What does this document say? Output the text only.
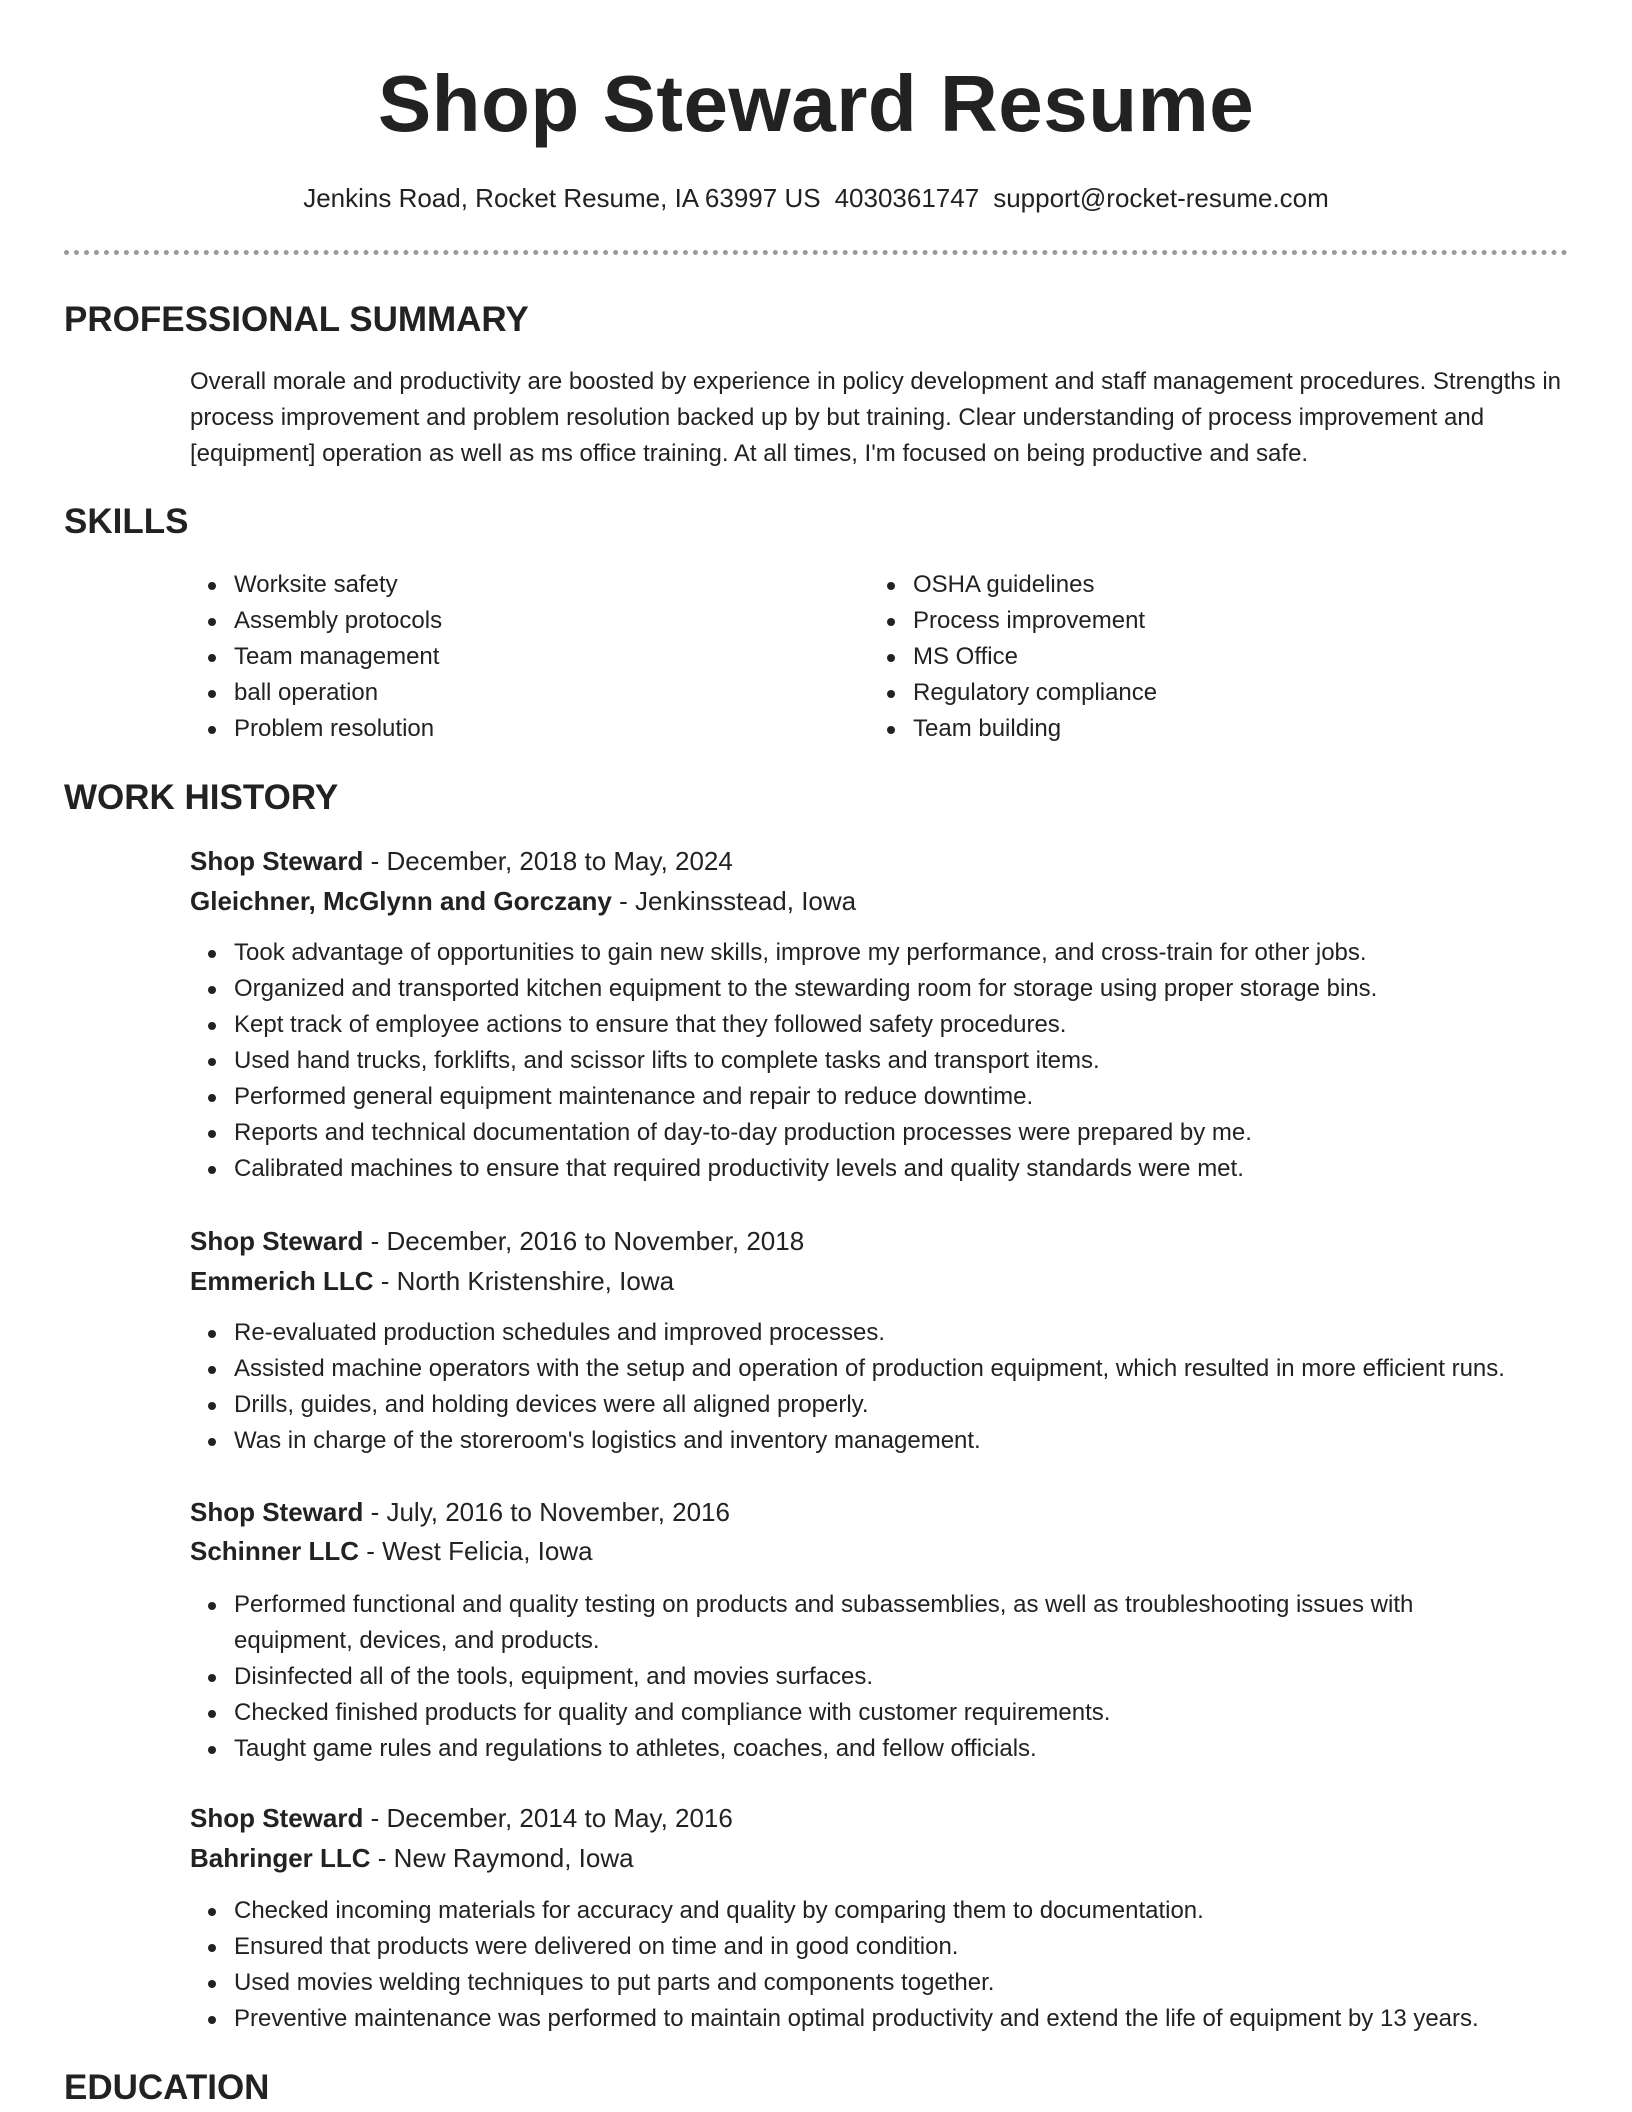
Shop Steward Resume
Jenkins Road, Rocket Resume, IA 63997 US 4030361747 support@rocket-resume.com
PROFESSIONAL SUMMARY
Overall morale and productivity are boosted by experience in policy development and staff management procedures. Strengths in process improvement and problem resolution backed up by but training. Clear understanding of process improvement and [equipment] operation as well as ms office training. At all times, I'm focused on being productive and safe.
SKILLS
Worksite safety
Assembly protocols
Team management
ball operation
Problem resolution
OSHA guidelines
Process improvement
MS Office
Regulatory compliance
Team building
WORK HISTORY
Shop Steward - December, 2018 to May, 2024
Gleichner, McGlynn and Gorczany - Jenkinsstead, Iowa
Took advantage of opportunities to gain new skills, improve my performance, and cross-train for other jobs.
Organized and transported kitchen equipment to the stewarding room for storage using proper storage bins.
Kept track of employee actions to ensure that they followed safety procedures.
Used hand trucks, forklifts, and scissor lifts to complete tasks and transport items.
Performed general equipment maintenance and repair to reduce downtime.
Reports and technical documentation of day-to-day production processes were prepared by me.
Calibrated machines to ensure that required productivity levels and quality standards were met.
Shop Steward - December, 2016 to November, 2018
Emmerich LLC - North Kristenshire, Iowa
Re-evaluated production schedules and improved processes.
Assisted machine operators with the setup and operation of production equipment, which resulted in more efficient runs.
Drills, guides, and holding devices were all aligned properly.
Was in charge of the storeroom's logistics and inventory management.
Shop Steward - July, 2016 to November, 2016
Schinner LLC - West Felicia, Iowa
Performed functional and quality testing on products and subassemblies, as well as troubleshooting issues with equipment, devices, and products.
Disinfected all of the tools, equipment, and movies surfaces.
Checked finished products for quality and compliance with customer requirements.
Taught game rules and regulations to athletes, coaches, and fellow officials.
Shop Steward - December, 2014 to May, 2016
Bahringer LLC - New Raymond, Iowa
Checked incoming materials for accuracy and quality by comparing them to documentation.
Ensured that products were delivered on time and in good condition.
Used movies welding techniques to put parts and components together.
Preventive maintenance was performed to maintain optimal productivity and extend the life of equipment by 13 years.
EDUCATION
